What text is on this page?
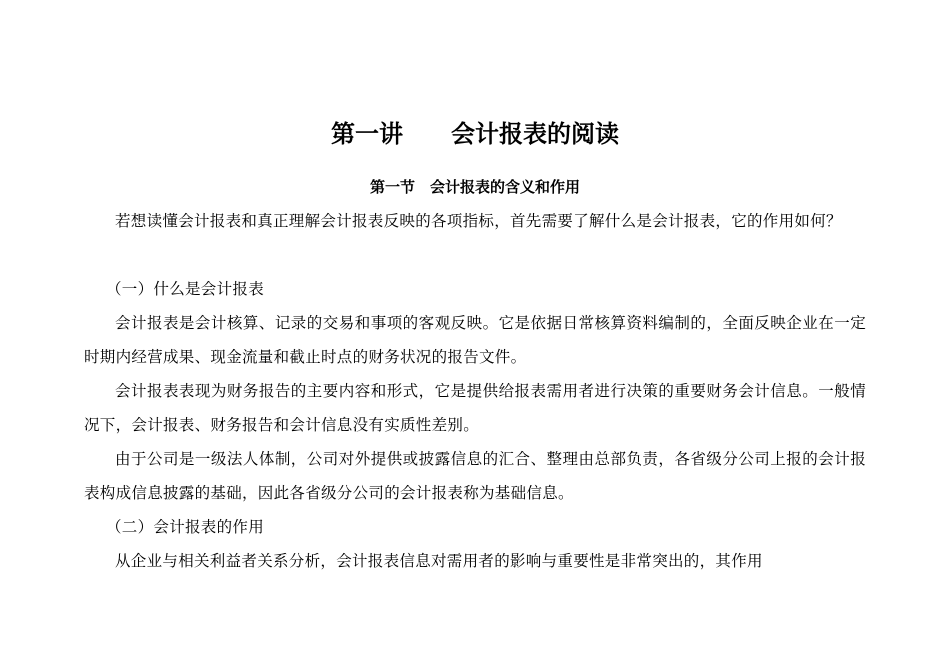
第一讲　　会计报表的阅读
第一节　会计报表的含义和作用

若想读懂会计报表和真正理解会计报表反映的各项指标，首先需要了解什么是会计报表，它的作用如何？

（一）什么是会计报表

会计报表是会计核算、记录的交易和事项的客观反映。它是依据日常核算资料编制的，全面反映企业在一定时期内经营成果、现金流量和截止时点的财务状况的报告文件。

会计报表表现为财务报告的主要内容和形式，它是提供给报表需用者进行决策的重要财务会计信息。一般情况下，会计报表、财务报告和会计信息没有实质性差别。

由于公司是一级法人体制，公司对外提供或披露信息的汇合、整理由总部负责，各省级分公司上报的会计报表构成信息披露的基础，因此各省级分公司的会计报表称为基础信息。

（二）会计报表的作用

从企业与相关利益者关系分析，会计报表信息对需用者的影响与重要性是非常突出的，其作用
